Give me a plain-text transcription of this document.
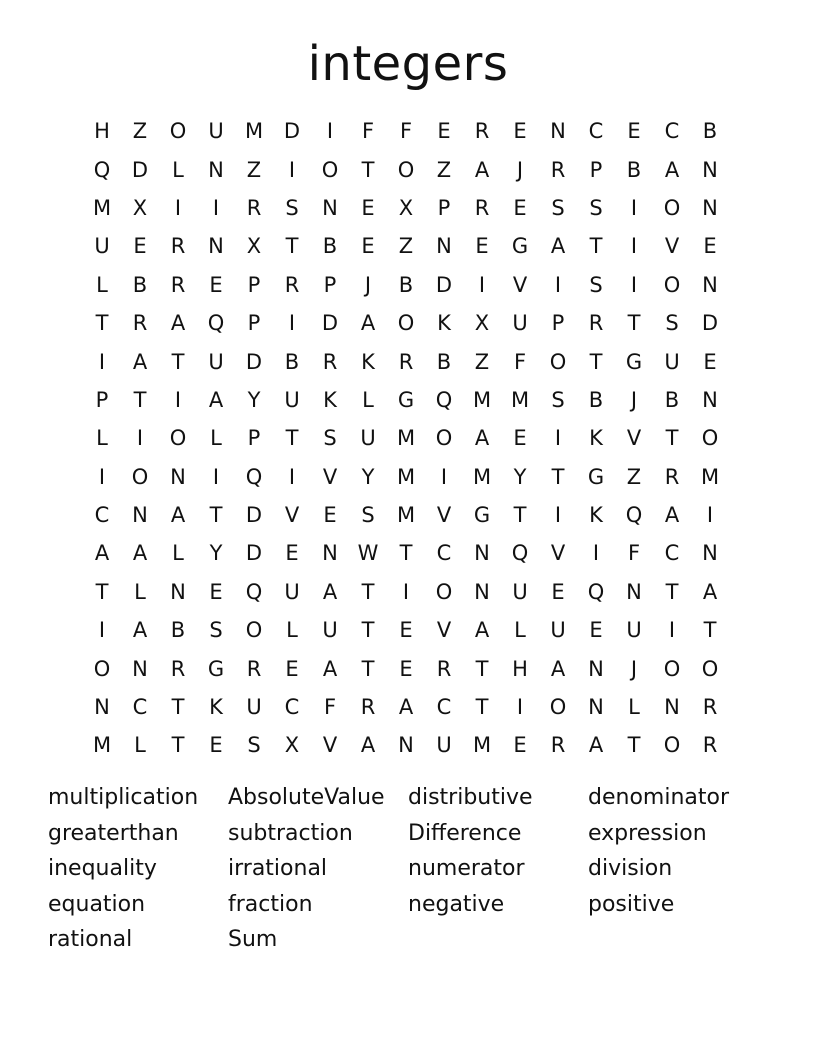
integers
H	Z	O	U	M D	I	F	F	E	R	E	N	C	E	C	B
Q	D	L	N	Z	I	O	T	O	Z	A	J	R	P	B	A	N
M	X	I	I	R	S	N	E	X	P	R	E	S	S	I	O	N
U	E	R	N	X	T	B	E	Z	N	E	G	A	T	I	V	E
L	B	R	E	P	R	P	J	B	D	I	V	I	S	I	O	N
T	R	A	Q	P	I	D	A	O	K	X	U	P	R	T	S	D
I	A	T	U	D	B	R	K	R	B	Z	F	O	T	G	U	E
P	T	I	A	Y	U	K	L	G	Q M M	S	B	J	B	N
L	I	O	L	P	T	S	U	M O	A	E	I	K	V	T	O
I	O	N	I	Q	I	V	Y	M	I	M	Y	T	G	Z	R	M
C	N	A	T	D	V	E	S	M	V	G	T	I	K	Q	A	I
A	A	L	Y	D	E	N W	T	C	N	Q	V	I	F	C	N
T	L	N	E	Q	U	A	T	I	O	N	U	E	Q	N	T	A
I	A	B	S	O	L	U	T	E	V	A	L	U	E	U	I	T
O	N	R	G	R	E	A	T	E	R	T	H	A	N	J	O	O
N	C	T	K	U	C	F	R	A	C	T	I	O	N	L	N	R
M	L	T	E	S	X	V	A	N	U	M	E	R	A	T	O	R
multiplication	AbsoluteValue	distributive	denominator
greaterthan	subtraction	Difference	expression
inequality	irrational	numerator	division
equation	fraction	negative	positive
rational	Sum
